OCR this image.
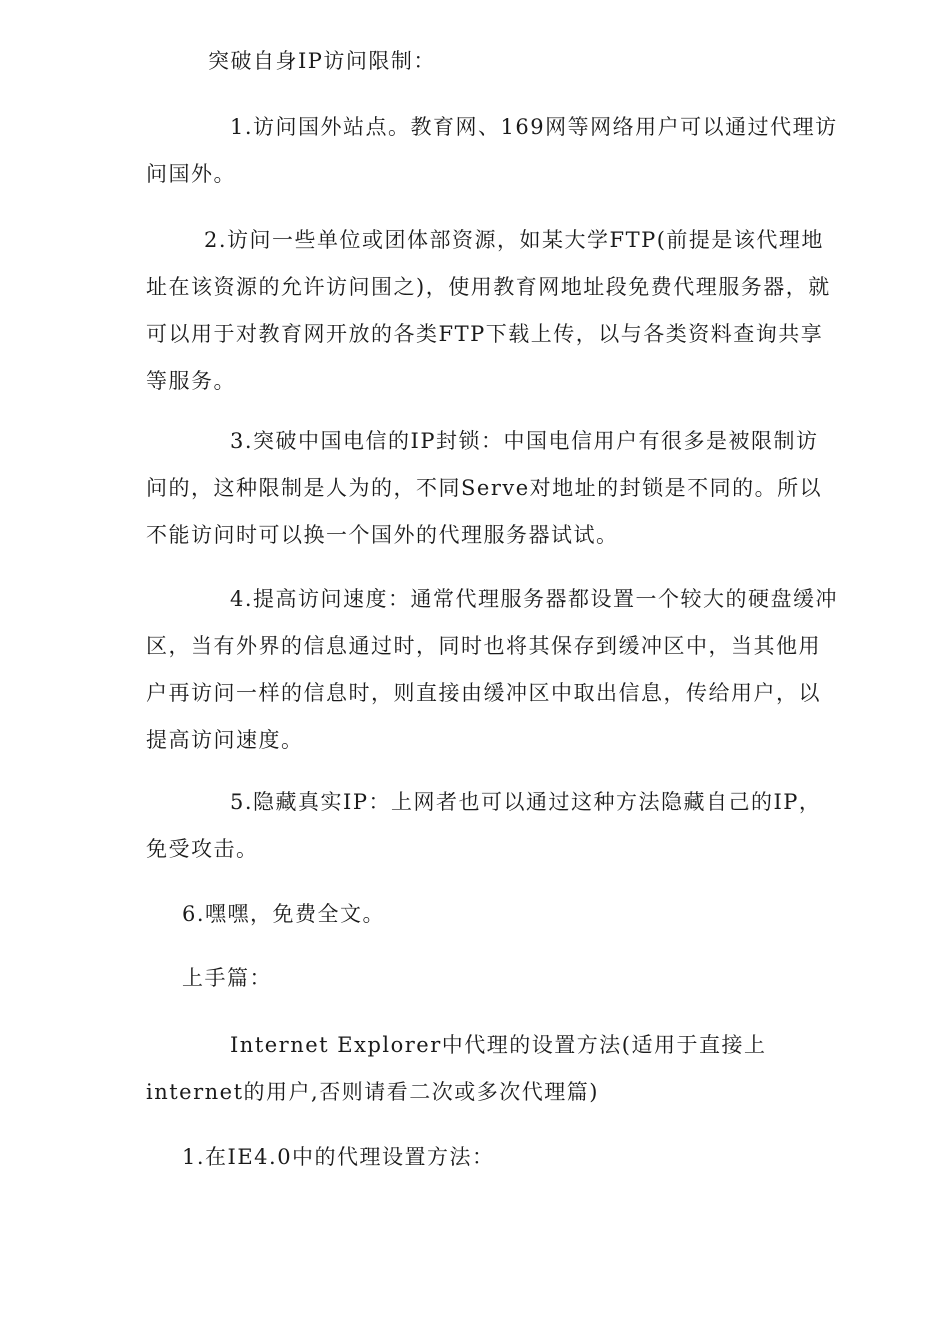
突破自身IP访问限制：

1.访问国外站点。教育网、169网等网络用户可以通过代理访
问国外。

2.访问一些单位或团体部资源，如某大学FTP(前提是该代理地
址在该资源的允许访问围之)，使用教育网地址段免费代理服务器，就
可以用于对教育网开放的各类FTP下载上传，以与各类资料查询共享
等服务。

3.突破中国电信的IP封锁：中国电信用户有很多是被限制访
问的，这种限制是人为的，不同Serve对地址的封锁是不同的。所以
不能访问时可以换一个国外的代理服务器试试。

4.提高访问速度：通常代理服务器都设置一个较大的硬盘缓冲
区，当有外界的信息通过时，同时也将其保存到缓冲区中，当其他用
户再访问一样的信息时，则直接由缓冲区中取出信息，传给用户，以
提高访问速度。

5.隐藏真实IP：上网者也可以通过这种方法隐藏自己的IP，
免受攻击。

6.嘿嘿，免费全文。

上手篇：

Internet Explorer中代理的设置方法(适用于直接上
internet的用户,否则请看二次或多次代理篇)

1.在IE4.0中的代理设置方法：
